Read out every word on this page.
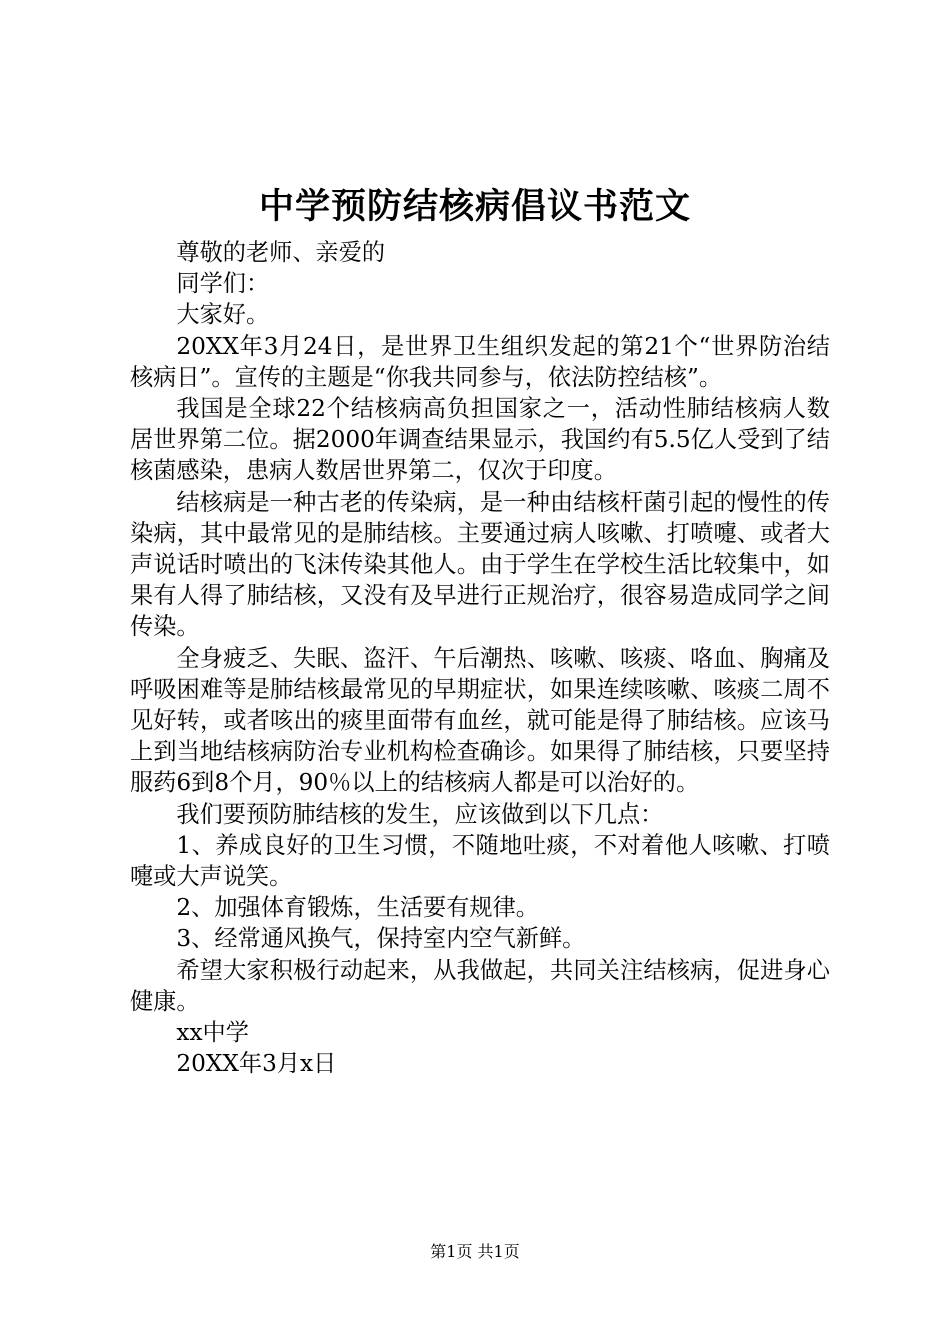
中学预防结核病倡议书范文

尊敬的老师、亲爱的

同学们：

大家好。

20XX年3月24日，是世界卫生组织发起的第21个“世界防治结核病日”。宣传的主题是“你我共同参与，依法防控结核”。

我国是全球22个结核病高负担国家之一，活动性肺结核病人数居世界第二位。据2000年调查结果显示，我国约有5.5亿人受到了结核菌感染，患病人数居世界第二，仅次于印度。

结核病是一种古老的传染病，是一种由结核杆菌引起的慢性的传染病，其中最常见的是肺结核。主要通过病人咳嗽、打喷嚏、或者大声说话时喷出的飞沫传染其他人。由于学生在学校生活比较集中，如果有人得了肺结核，又没有及早进行正规治疗，很容易造成同学之间传染。

全身疲乏、失眠、盗汗、午后潮热、咳嗽、咳痰、咯血、胸痛及呼吸困难等是肺结核最常见的早期症状，如果连续咳嗽、咳痰二周不见好转，或者咳出的痰里面带有血丝，就可能是得了肺结核。应该马上到当地结核病防治专业机构检查确诊。如果得了肺结核，只要坚持服药6到8个月，90％以上的结核病人都是可以治好的。

我们要预防肺结核的发生，应该做到以下几点：

1、养成良好的卫生习惯，不随地吐痰，不对着他人咳嗽、打喷嚏或大声说笑。

2、加强体育锻炼，生活要有规律。

3、经常通风换气，保持室内空气新鲜。

希望大家积极行动起来，从我做起，共同关注结核病，促进身心健康。

xx中学

20XX年3月x日

第1页 共1页
